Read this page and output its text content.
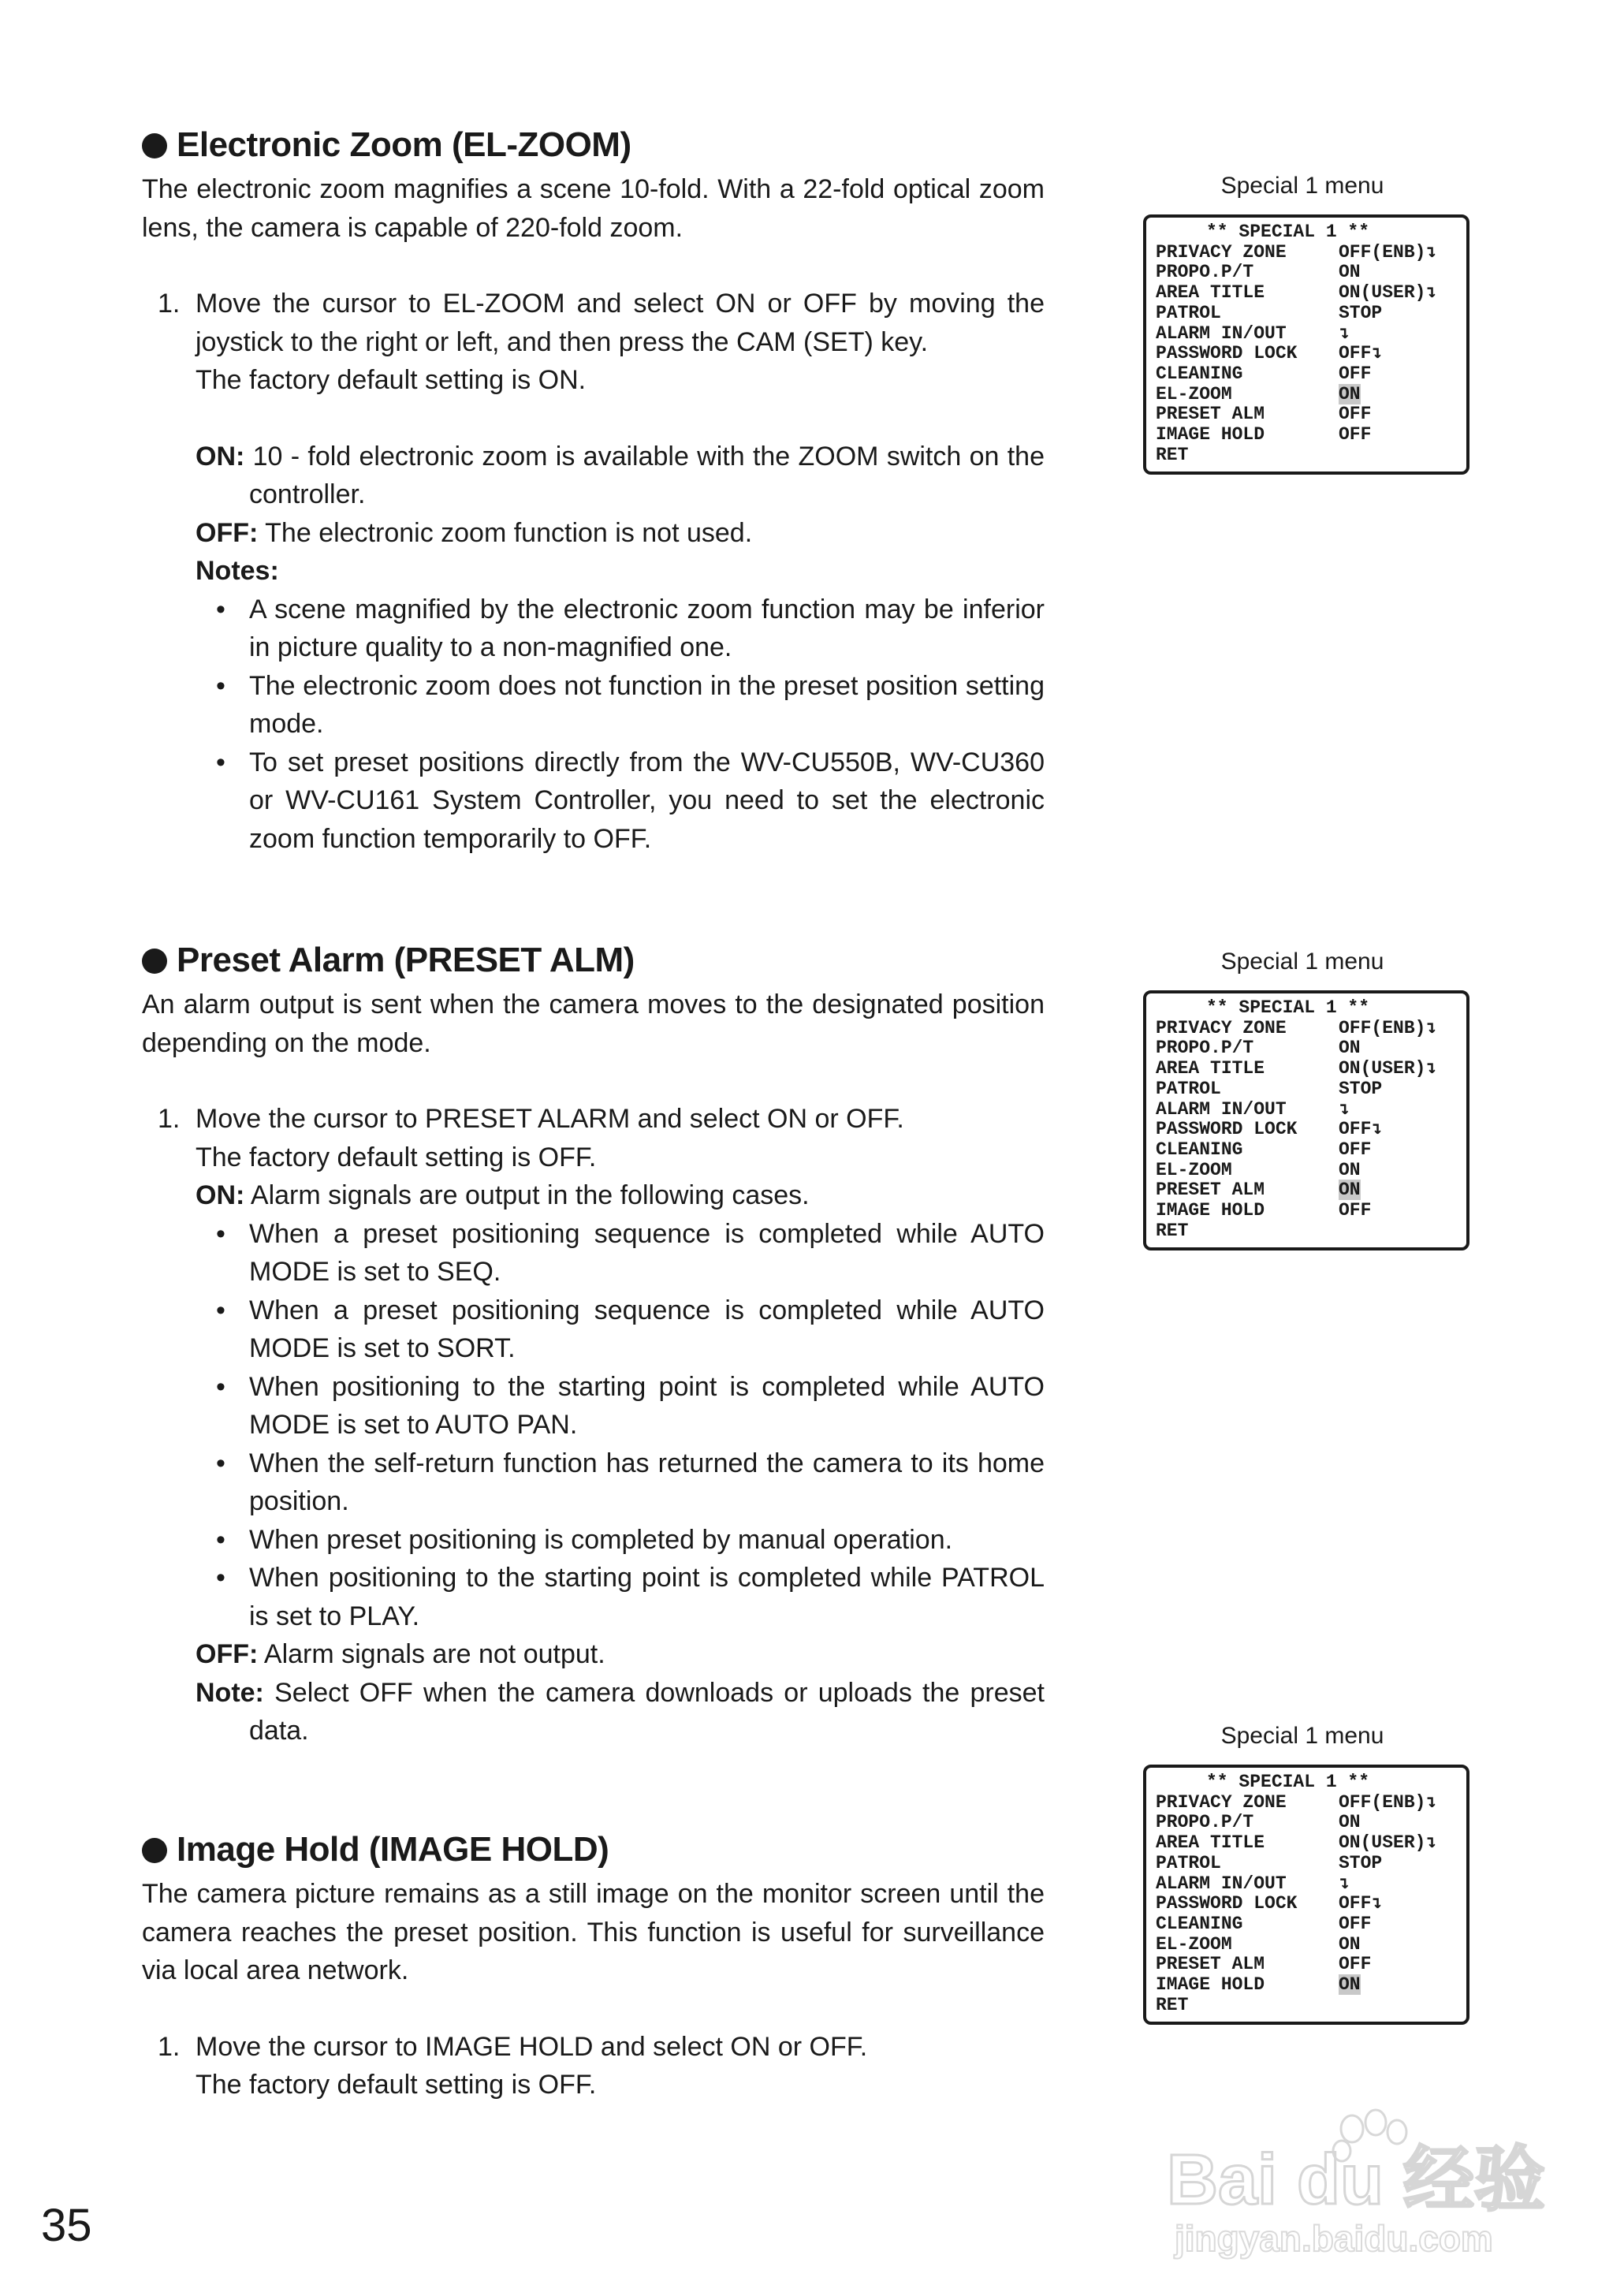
Electronic Zoom (EL-ZOOM)

The electronic zoom magnifies a scene 10-fold. With a 22-fold optical zoom lens, the camera is capable of 220-fold zoom.

1. Move the cursor to EL-ZOOM and select ON or OFF by moving the joystick to the right or left, and then press the CAM (SET) key.
The factory default setting is ON.

ON: 10 - fold electronic zoom is available with the ZOOM switch on the controller.

OFF: The electronic zoom function is not used.

Notes:

• A scene magnified by the electronic zoom function may be inferior in picture quality to a non-magnified one.

• The electronic zoom does not function in the preset position setting mode.

• To set preset positions directly from the WV-CU550B, WV-CU360 or WV-CU161 System Controller, you need to set the electronic zoom function temporarily to OFF.

Preset Alarm (PRESET ALM)

An alarm output is sent when the camera moves to the designated position depending on the mode.

1. Move the cursor to PRESET ALARM and select ON or OFF.
The factory default setting is OFF.

ON: Alarm signals are output in the following cases.

• When a preset positioning sequence is completed while AUTO MODE is set to SEQ.

• When a preset positioning sequence is completed while AUTO MODE is set to SORT.

• When positioning to the starting point is completed while AUTO MODE is set to AUTO PAN.

• When the self-return function has returned the camera to its home position.

• When preset positioning is completed by manual operation.

• When positioning to the starting point is completed while PATROL is set to PLAY.

OFF: Alarm signals are not output.

Note: Select OFF when the camera downloads or uploads the preset data.

Image Hold (IMAGE HOLD)

The camera picture remains as a still image on the monitor screen until the camera reaches the preset position. This function is useful for surveillance via local area network.

1. Move the cursor to IMAGE HOLD and select ON or OFF.
The factory default setting is OFF.

Special 1 menu
** SPECIAL 1 **
PRIVACY ZONE	OFF(ENB)↴
PROPO.P/T	ON
AREA TITLE	ON(USER)↴
PATROL	STOP
ALARM IN/OUT	↴
PASSWORD LOCK	OFF↴
CLEANING	OFF
EL-ZOOM	ON
PRESET ALM	OFF
IMAGE HOLD	OFF
RET
Special 1 menu
** SPECIAL 1 **
PRIVACY ZONE	OFF(ENB)↴
PROPO.P/T	ON
AREA TITLE	ON(USER)↴
PATROL	STOP
ALARM IN/OUT	↴
PASSWORD LOCK	OFF↴
CLEANING	OFF
EL-ZOOM	ON
PRESET ALM	ON
IMAGE HOLD	OFF
RET
Special 1 menu
** SPECIAL 1 **
PRIVACY ZONE	OFF(ENB)↴
PROPO.P/T	ON
AREA TITLE	ON(USER)↴
PATROL	STOP
ALARM IN/OUT	↴
PASSWORD LOCK	OFF↴
CLEANING	OFF
EL-ZOOM	ON
PRESET ALM	OFF
IMAGE HOLD	ON
RET
35
Bai du 经验
jingyan.baidu.com
